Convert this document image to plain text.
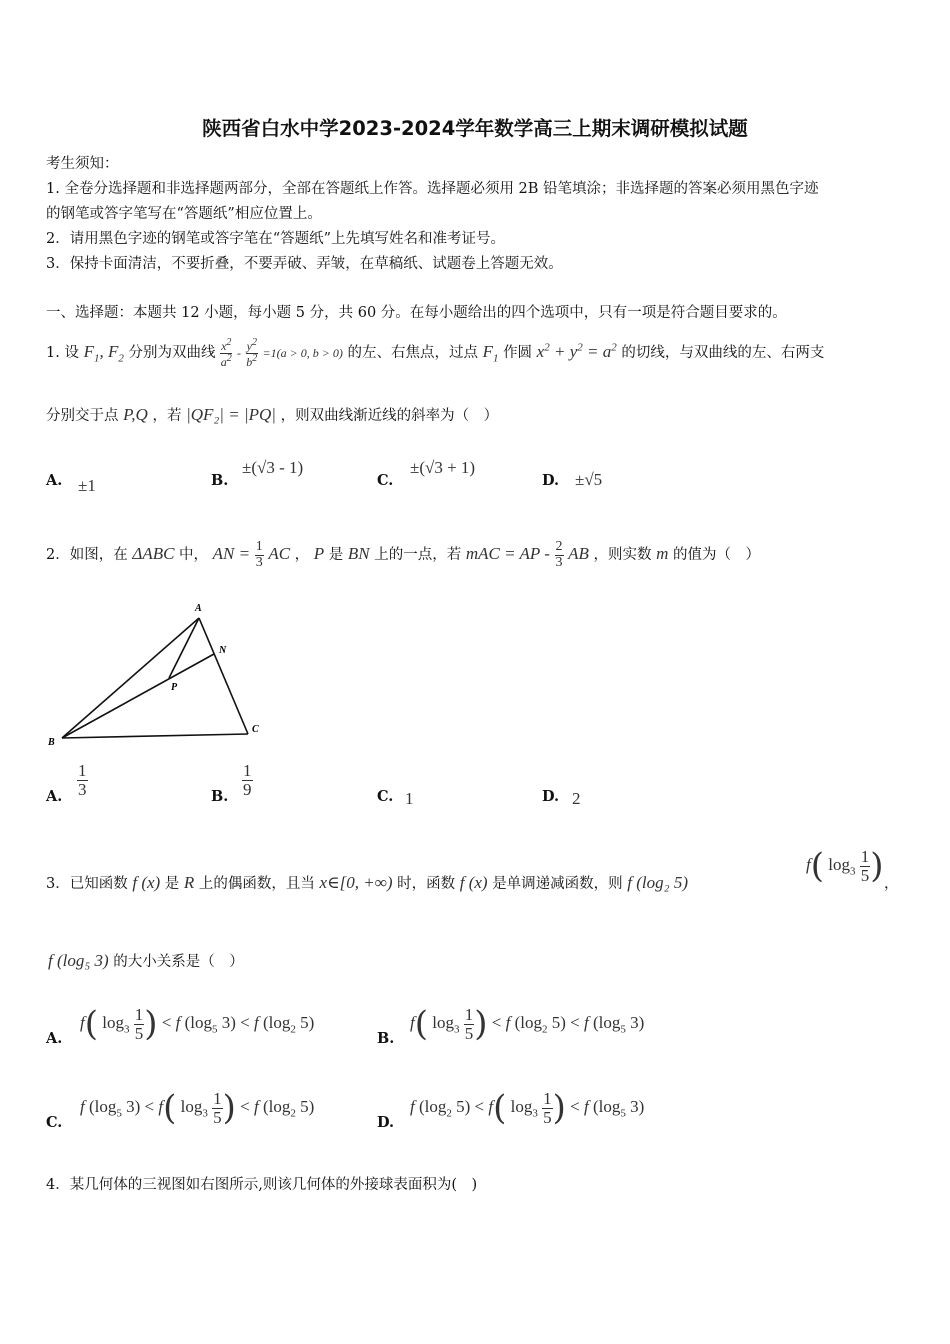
陕西省白水中学2023-2024学年数学高三上期末调研模拟试题
考生须知：
1. 全卷分选择题和非选择题两部分，全部在答题纸上作答。选择题必须用 2B 铅笔填涂；非选择题的答案必须用黑色字迹
的钢笔或答字笔写在“答题纸”相应位置上。
2．请用黑色字迹的钢笔或答字笔在“答题纸”上先填写姓名和准考证号。
3．保持卡面清洁，不要折叠，不要弄破、弄皱，在草稿纸、试题卷上答题无效。
一、选择题：本题共 12 小题，每小题 5 分，共 60 分。在每小题给出的四个选项中，只有一项是符合题目要求的。
1. 设 $F_1$, $F_2$ 分别为双曲线 $\frac{x^2}{a^2} - \frac{y^2}{b^2} =1(a > 0$, b > 0) 的左、右焦点，过点 $F_1$ 作圆 $x^2 + y^2 = a^2$ 的切线，与双曲线的左、右两支
分别交于点 P,Q ，若 |QF₂| = |PQ| ，则双曲线渐近线的斜率为（　）
A. ±1	B.
±(√3 - 1)
C.
±(√3 + 1)
D. ±√5
2．如图，在 ΔABC 中， AN = $\frac{1}{3}$ AC ， P 是 BN 上的一点，若 mAC = AP - $\frac{2}{3}$ AB ，则实数 m 的值为（　）
A
B
C
N
P
A. $\frac{1}{3}$	B. $\frac{1}{9}$	C. 1	D. 2
3．已知函数 f (x) 是 R 上的偶函数，且当 x∈[0, +∞) 时，函数 f (x) 是单调递减函数，则 f (log₂ 5)
f( $\log_3 \frac{1}{5}$ ) ，
f (log₅ 3) 的大小关系是（　）
A.
f( $\log_3 \frac{1}{5}$ ) < f ($\log_5$ 3) < f ($\log_2$ 5)
B.
f( $\log_3 \frac{1}{5}$ ) < f ($\log_2$ 5) < f ($\log_5$ 3)
C.
f ($\log_5$ 3) < f( $\log_3 \frac{1}{5}$ ) < f ($\log_2$ 5)
D.
f ($\log_2$ 5) < f( $\log_3 \frac{1}{5}$ ) < f ($\log_5$ 3)
4．某几何体的三视图如右图所示,则该几何体的外接球表面积为(　)
